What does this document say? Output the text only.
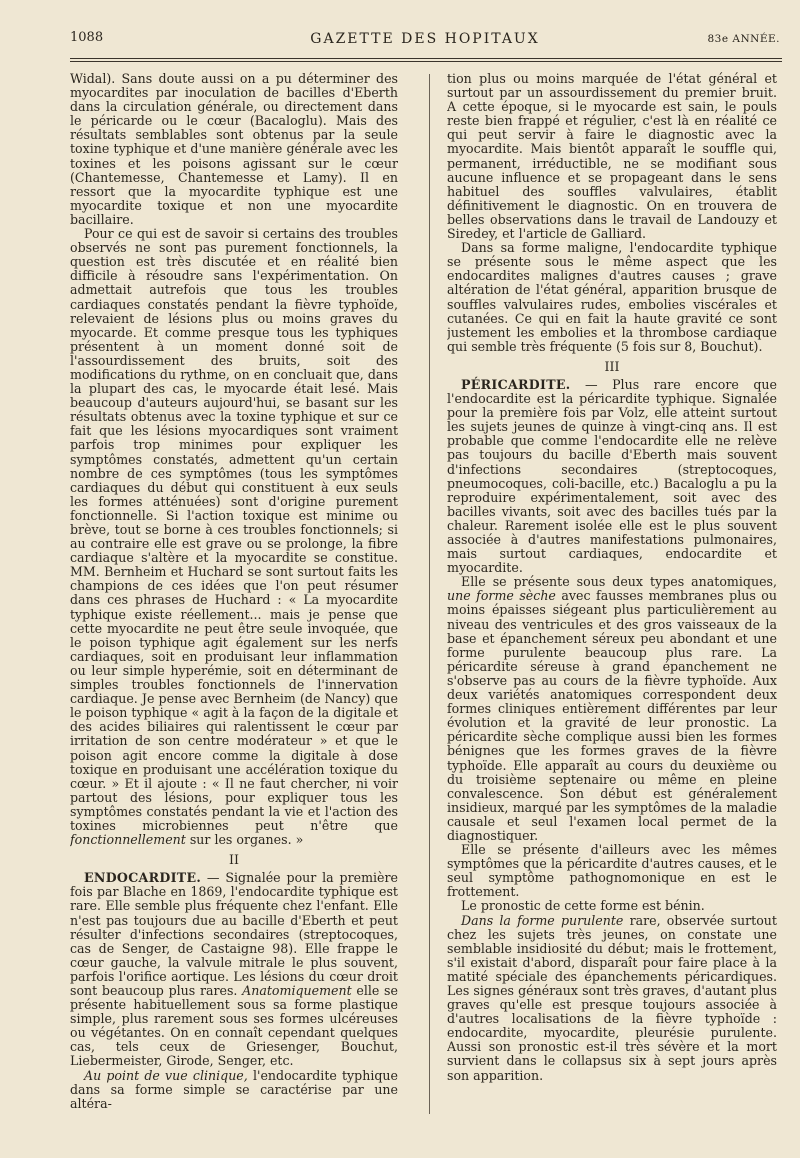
1088	GAZETTE DES HOPITAUX	83e ANNÉE.

Widal). Sans doute aussi on a pu déterminer des myocardites par inoculation de bacilles d'Eberth dans la circulation générale, ou directement dans le péricarde ou le cœur (Bacaloglu). Mais des résultats semblables sont obtenus par la seule toxine typhique et d'une manière générale avec les toxines et les poisons agissant sur le cœur (Chantemesse, Chantemesse et Lamy). Il en ressort que la myocardite typhique est une myocardite toxique et non une myocardite bacillaire.

Pour ce qui est de savoir si certains des troubles observés ne sont pas purement fonctionnels, la question est très discutée et en réalité bien difficile à résoudre sans l'expérimentation. On admettait autrefois que tous les troubles cardiaques constatés pendant la fièvre typhoïde, relevaient de lésions plus ou moins graves du myocarde. Et comme presque tous les typhiques présentent à un moment donné soit de l'assourdissement des bruits, soit des modifications du rythme, on en concluait que, dans la plupart des cas, le myocarde était lesé. Mais beaucoup d'auteurs aujourd'hui, se basant sur les résultats obtenus avec la toxine typhique et sur ce fait que les lésions myocardiques sont vraiment parfois trop minimes pour expliquer les symptômes constatés, admettent qu'un certain nombre de ces symptômes (tous les symptômes cardiaques du début qui constituent à eux seuls les formes atténuées) sont d'origine purement fonctionnelle. Si l'action toxique est minime ou brève, tout se borne à ces troubles fonctionnels; si au contraire elle est grave ou se prolonge, la fibre cardiaque s'altère et la myocardite se constitue. MM. Bernheim et Huchard se sont surtout faits les champions de ces idées que l'on peut résumer dans ces phrases de Huchard : « La myocardite typhique existe réellement... mais je pense que cette myocardite ne peut être seule invoquée, que le poison typhique agit également sur les nerfs cardiaques, soit en produisant leur inflammation ou leur simple hyperémie, soit en déterminant de simples troubles fonctionnels de l'innervation cardiaque. Je pense avec Bernheim (de Nancy) que le poison typhique « agit à la façon de la digitale et des acides biliaires qui ralentissent le cœur par irritation de son centre modérateur » et que le poison agit encore comme la digitale à dose toxique en produisant une accélération toxique du cœur. » Et il ajoute : « Il ne faut chercher, ni voir partout des lésions, pour expliquer tous les symptômes constatés pendant la vie et l'action des toxines microbiennes peut n'être que fonctionnellement sur les organes. »

II

ENDOCARDITE. — Signalée pour la première fois par Blache en 1869, l'endocardite typhique est rare. Elle semble plus fréquente chez l'enfant. Elle n'est pas toujours due au bacille d'Eberth et peut résulter d'infections secondaires (streptocoques, cas de Senger, de Castaigne 98). Elle frappe le cœur gauche, la valvule mitrale le plus souvent, parfois l'orifice aortique. Les lésions du cœur droit sont beaucoup plus rares. Anatomiquement elle se présente habituellement sous sa forme plastique simple, plus rarement sous ses formes ulcéreuses ou végétantes. On en connaît cependant quelques cas, tels ceux de Griesenger, Bouchut, Liebermeister, Girode, Senger, etc.

Au point de vue clinique, l'endocardite typhique dans sa forme simple se caractérise par une altéra-

tion plus ou moins marquée de l'état général et surtout par un assourdissement du premier bruit. A cette époque, si le myocarde est sain, le pouls reste bien frappé et régulier, c'est là en réalité ce qui peut servir à faire le diagnostic avec la myocardite. Mais bientôt apparaît le souffle qui, permanent, irréductible, ne se modifiant sous aucune influence et se propageant dans le sens habituel des souffles valvulaires, établit définitivement le diagnostic. On en trouvera de belles observations dans le travail de Landouzy et Siredey, et l'article de Galliard.

Dans sa forme maligne, l'endocardite typhique se présente sous le même aspect que les endocardites malignes d'autres causes ; grave altération de l'état général, apparition brusque de souffles valvulaires rudes, embolies viscérales et cutanées. Ce qui en fait la haute gravité ce sont justement les embolies et la thrombose cardiaque qui semble très fréquente (5 fois sur 8, Bouchut).

III

PÉRICARDITE. — Plus rare encore que l'endocardite est la péricardite typhique. Signalée pour la première fois par Volz, elle atteint surtout les sujets jeunes de quinze à vingt-cinq ans. Il est probable que comme l'endocardite elle ne relève pas toujours du bacille d'Eberth mais souvent d'infections secondaires (streptocoques, pneumocoques, coli-bacille, etc.) Bacaloglu a pu la reproduire expérimentalement, soit avec des bacilles vivants, soit avec des bacilles tués par la chaleur. Rarement isolée elle est le plus souvent associée à d'autres manifestations pulmonaires, mais surtout cardiaques, endocardite et myocardite.

Elle se présente sous deux types anatomiques, une forme sèche avec fausses membranes plus ou moins épaisses siégeant plus particulièrement au niveau des ventricules et des gros vaisseaux de la base et épanchement séreux peu abondant et une forme purulente beaucoup plus rare. La péricardite séreuse à grand épanchement ne s'observe pas au cours de la fièvre typhoïde. Aux deux variétés anatomiques correspondent deux formes cliniques entièrement différentes par leur évolution et la gravité de leur pronostic. La péricardite sèche complique aussi bien les formes bénignes que les formes graves de la fièvre typhoïde. Elle apparaît au cours du deuxième ou du troisième septenaire ou même en pleine convalescence. Son début est généralement insidieux, marqué par les symptômes de la maladie causale et seul l'examen local permet de la diagnostiquer.

Elle se présente d'ailleurs avec les mêmes symptômes que la péricardite d'autres causes, et le seul symptôme pathognomonique en est le frottement.

Le pronostic de cette forme est bénin.

Dans la forme purulente rare, observée surtout chez les sujets très jeunes, on constate une semblable insidiosité du début; mais le frottement, s'il existait d'abord, disparaît pour faire place à la matité spéciale des épanchements péricardiques. Les signes généraux sont très graves, d'autant plus graves qu'elle est presque toujours associée à d'autres localisations de la fièvre typhoïde : endocardite, myocardite, pleurésie purulente. Aussi son pronostic est-il très sévère et la mort survient dans le collapsus six à sept jours après son apparition.
